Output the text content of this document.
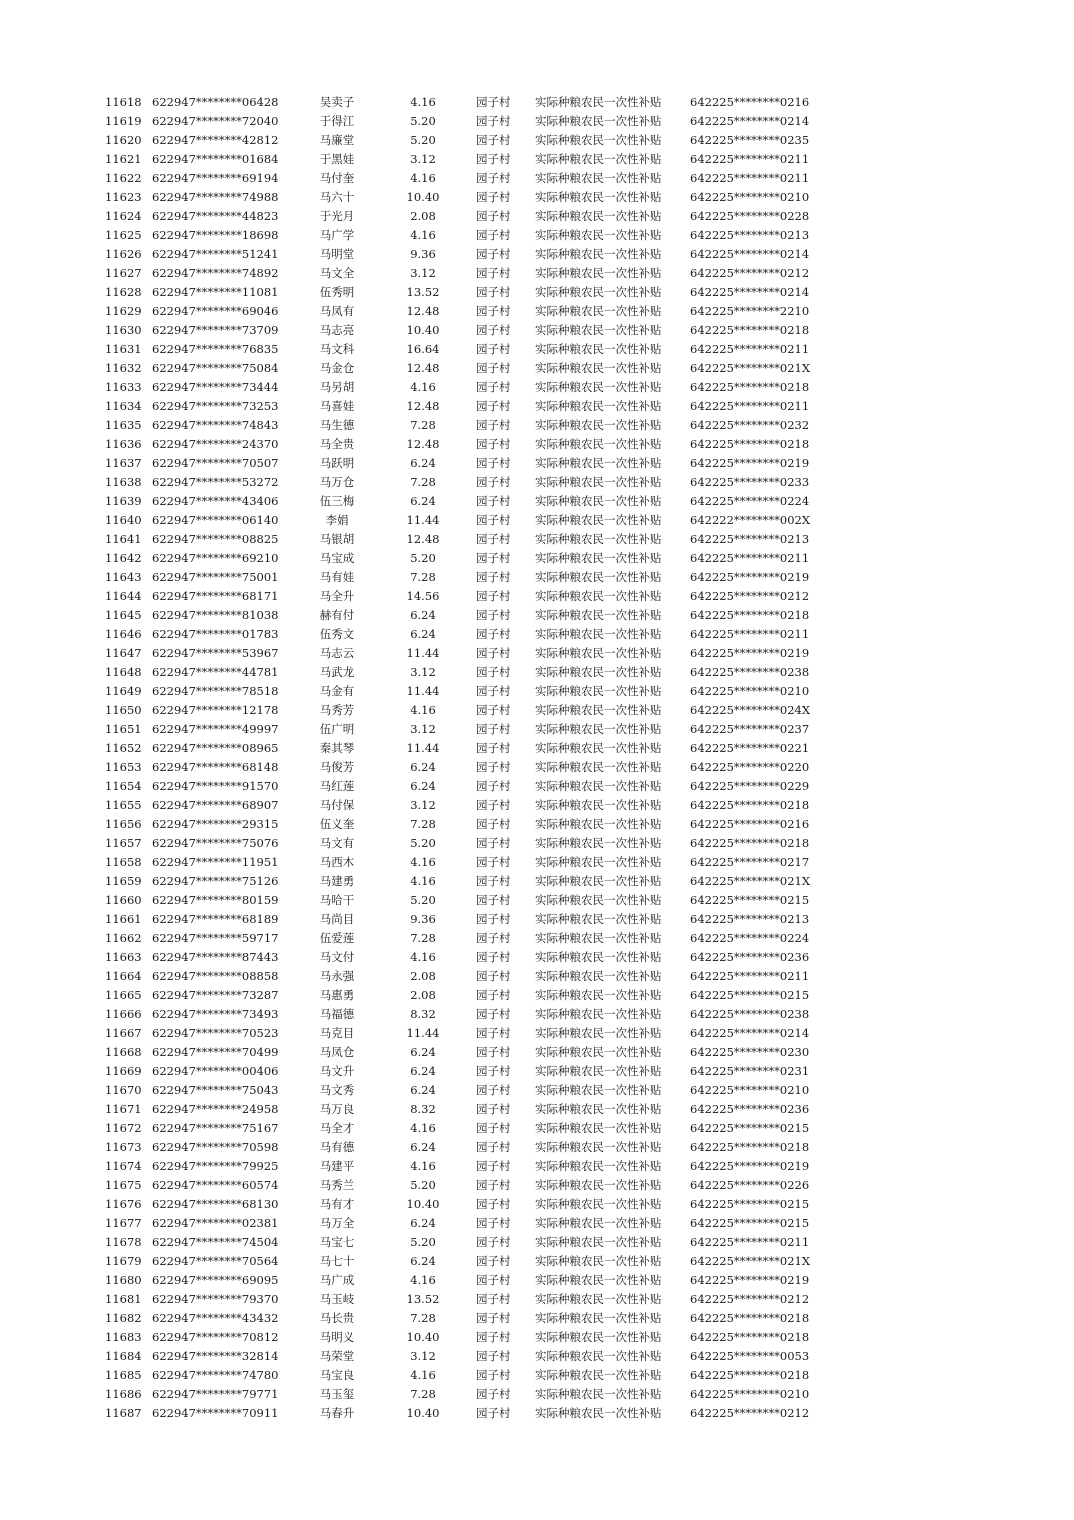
11618 622947********06428	吴卖子	4.16	园子村	实际种粮农民一次性补贴	642225********0216
11619 622947********72040	于得江	5.20	园子村	实际种粮农民一次性补贴	642225********0214
11620 622947********42812	马廉堂	5.20	园子村	实际种粮农民一次性补贴	642225********0235
11621 622947********01684	于黑娃	3.12	园子村	实际种粮农民一次性补贴	642225********0211
11622 622947********69194	马付奎	4.16	园子村	实际种粮农民一次性补贴	642225********0211
11623 622947********74988	马六十	10.40	园子村	实际种粮农民一次性补贴	642225********0210
11624 622947********44823	于光月	2.08	园子村	实际种粮农民一次性补贴	642225********0228
11625 622947********18698	马广学	4.16	园子村	实际种粮农民一次性补贴	642225********0213
11626 622947********51241	马明堂	9.36	园子村	实际种粮农民一次性补贴	642225********0214
11627 622947********74892	马文全	3.12	园子村	实际种粮农民一次性补贴	642225********0212
11628 622947********11081	伍秀明	13.52	园子村	实际种粮农民一次性补贴	642225********0214
11629 622947********69046	马凤有	12.48	园子村	实际种粮农民一次性补贴	642225********2210
11630 622947********73709	马志亮	10.40	园子村	实际种粮农民一次性补贴	642225********0218
11631 622947********76835	马文科	16.64	园子村	实际种粮农民一次性补贴	642225********0211
11632 622947********75084	马金仓	12.48	园子村	实际种粮农民一次性补贴	642225********021X
11633 622947********73444	马另胡	4.16	园子村	实际种粮农民一次性补贴	642225********0218
11634 622947********73253	马喜娃	12.48	园子村	实际种粮农民一次性补贴	642225********0211
11635 622947********74843	马生德	7.28	园子村	实际种粮农民一次性补贴	642225********0232
11636 622947********24370	马全贵	12.48	园子村	实际种粮农民一次性补贴	642225********0218
11637 622947********70507	马跃明	6.24	园子村	实际种粮农民一次性补贴	642225********0219
11638 622947********53272	马万仓	7.28	园子村	实际种粮农民一次性补贴	642225********0233
11639 622947********43406	伍三梅	6.24	园子村	实际种粮农民一次性补贴	642225********0224
11640 622947********06140	李娟	11.44	园子村	实际种粮农民一次性补贴	642222********002X
11641 622947********08825	马银胡	12.48	园子村	实际种粮农民一次性补贴	642225********0213
11642 622947********69210	马宝成	5.20	园子村	实际种粮农民一次性补贴	642225********0211
11643 622947********75001	马有娃	7.28	园子村	实际种粮农民一次性补贴	642225********0219
11644 622947********68171	马全升	14.56	园子村	实际种粮农民一次性补贴	642225********0212
11645 622947********81038	赫有付	6.24	园子村	实际种粮农民一次性补贴	642225********0218
11646 622947********01783	伍秀文	6.24	园子村	实际种粮农民一次性补贴	642225********0211
11647 622947********53967	马志云	11.44	园子村	实际种粮农民一次性补贴	642225********0219
11648 622947********44781	马武龙	3.12	园子村	实际种粮农民一次性补贴	642225********0238
11649 622947********78518	马金有	11.44	园子村	实际种粮农民一次性补贴	642225********0210
11650 622947********12178	马秀芳	4.16	园子村	实际种粮农民一次性补贴	642225********024X
11651 622947********49997	伍广明	3.12	园子村	实际种粮农民一次性补贴	642225********0237
11652 622947********08965	秦其琴	11.44	园子村	实际种粮农民一次性补贴	642225********0221
11653 622947********68148	马俊芳	6.24	园子村	实际种粮农民一次性补贴	642225********0220
11654 622947********91570	马红莲	6.24	园子村	实际种粮农民一次性补贴	642225********0229
11655 622947********68907	马付保	3.12	园子村	实际种粮农民一次性补贴	642225********0218
11656 622947********29315	伍义奎	7.28	园子村	实际种粮农民一次性补贴	642225********0216
11657 622947********75076	马文有	5.20	园子村	实际种粮农民一次性补贴	642225********0218
11658 622947********11951	马西木	4.16	园子村	实际种粮农民一次性补贴	642225********0217
11659 622947********75126	马建勇	4.16	园子村	实际种粮农民一次性补贴	642225********021X
11660 622947********80159	马哈干	5.20	园子村	实际种粮农民一次性补贴	642225********0215
11661 622947********68189	马尚目	9.36	园子村	实际种粮农民一次性补贴	642225********0213
11662 622947********59717	伍爱莲	7.28	园子村	实际种粮农民一次性补贴	642225********0224
11663 622947********87443	马文付	4.16	园子村	实际种粮农民一次性补贴	642225********0236
11664 622947********08858	马永强	2.08	园子村	实际种粮农民一次性补贴	642225********0211
11665 622947********73287	马惠勇	2.08	园子村	实际种粮农民一次性补贴	642225********0215
11666 622947********73493	马福德	8.32	园子村	实际种粮农民一次性补贴	642225********0238
11667 622947********70523	马克目	11.44	园子村	实际种粮农民一次性补贴	642225********0214
11668 622947********70499	马凤仓	6.24	园子村	实际种粮农民一次性补贴	642225********0230
11669 622947********00406	马文升	6.24	园子村	实际种粮农民一次性补贴	642225********0231
11670 622947********75043	马文秀	6.24	园子村	实际种粮农民一次性补贴	642225********0210
11671 622947********24958	马万良	8.32	园子村	实际种粮农民一次性补贴	642225********0236
11672 622947********75167	马全才	4.16	园子村	实际种粮农民一次性补贴	642225********0215
11673 622947********70598	马有德	6.24	园子村	实际种粮农民一次性补贴	642225********0218
11674 622947********79925	马建平	4.16	园子村	实际种粮农民一次性补贴	642225********0219
11675 622947********60574	马秀兰	5.20	园子村	实际种粮农民一次性补贴	642225********0226
11676 622947********68130	马有才	10.40	园子村	实际种粮农民一次性补贴	642225********0215
11677 622947********02381	马万全	6.24	园子村	实际种粮农民一次性补贴	642225********0215
11678 622947********74504	马宝七	5.20	园子村	实际种粮农民一次性补贴	642225********0211
11679 622947********70564	马七十	6.24	园子村	实际种粮农民一次性补贴	642225********021X
11680 622947********69095	马广成	4.16	园子村	实际种粮农民一次性补贴	642225********0219
11681 622947********79370	马玉岐	13.52	园子村	实际种粮农民一次性补贴	642225********0212
11682 622947********43432	马长贵	7.28	园子村	实际种粮农民一次性补贴	642225********0218
11683 622947********70812	马明义	10.40	园子村	实际种粮农民一次性补贴	642225********0218
11684 622947********32814	马荣堂	3.12	园子村	实际种粮农民一次性补贴	642225********0053
11685 622947********74780	马宝良	4.16	园子村	实际种粮农民一次性补贴	642225********0218
11686 622947********79771	马玉玺	7.28	园子村	实际种粮农民一次性补贴	642225********0210
11687 622947********70911	马春升	10.40	园子村	实际种粮农民一次性补贴	642225********0212
